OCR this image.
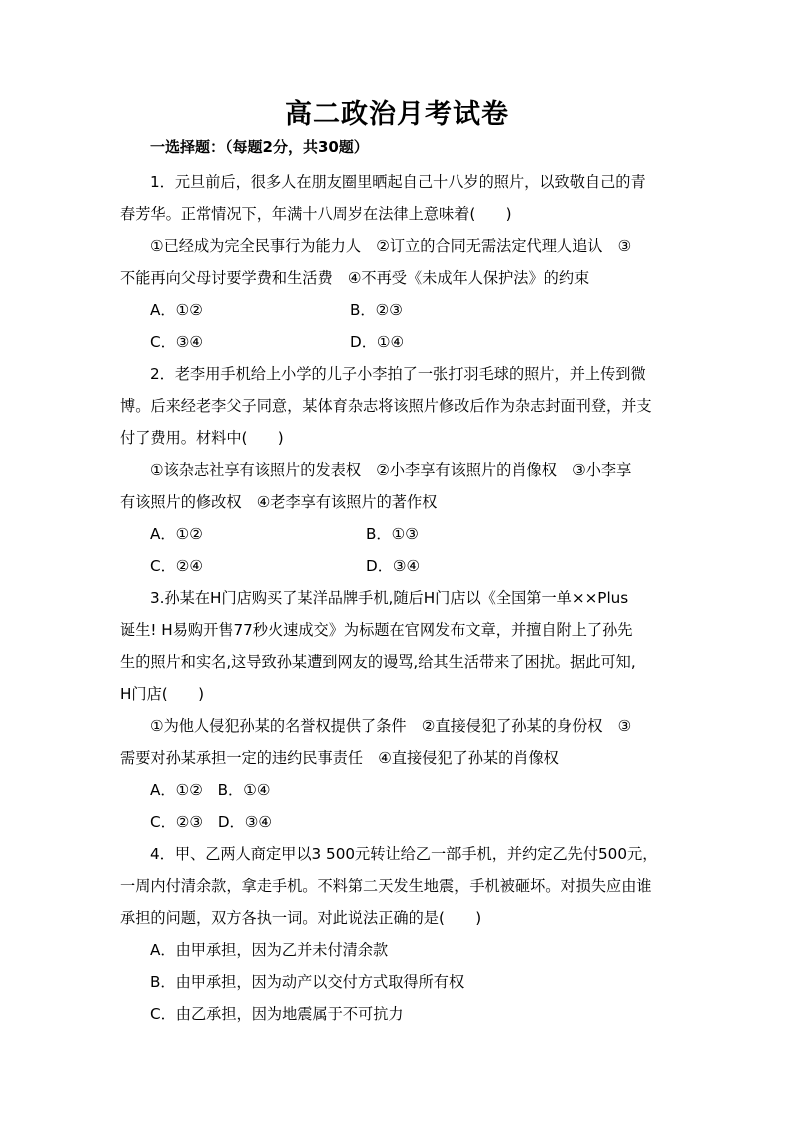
高二政治月考试卷
一选择题：（每题2分，共30题）

1．元旦前后，很多人在朋友圈里晒起自己十八岁的照片，以致敬自己的青

春芳华。正常情况下，年满十八周岁在法律上意味着(　　)

①已经成为完全民事行为能力人　②订立的合同无需法定代理人追认　③

不能再向父母讨要学费和生活费　④不再受《未成年人保护法》的约束
A．①②	B．②③
C．③④	D．①④

2．老李用手机给上小学的儿子小李拍了一张打羽毛球的照片，并上传到微

博。后来经老李父子同意，某体育杂志将该照片修改后作为杂志封面刊登，并支
付了费用。材料中(　　)

①该杂志社享有该照片的发表权　②小李享有该照片的肖像权　③小李享

有该照片的修改权　④老李享有该照片的著作权
A．①②	B．①③
C．②④	D．③④

3.孙某在H门店购买了某洋品牌手机,随后H门店以《全国第一单××Plus

诞生! H易购开售77秒火速成交》为标题在官网发布文章，并擅自附上了孙先
生的照片和实名,这导致孙某遭到网友的谩骂,给其生活带来了困扰。据此可知,
H门店(　　)

①为他人侵犯孙某的名誉权提供了条件　②直接侵犯了孙某的身份权　③

需要对孙某承担一定的违约民事责任　④直接侵犯了孙某的肖像权
A．①② B．①④
C．②③ D．③④

4．甲、乙两人商定甲以3 500元转让给乙一部手机，并约定乙先付500元，

一周内付清余款，拿走手机。不料第二天发生地震，手机被砸坏。对损失应由谁
承担的问题，双方各执一词。对此说法正确的是(　　)
A．由甲承担，因为乙并未付清余款
B．由甲承担，因为动产以交付方式取得所有权
C．由乙承担，因为地震属于不可抗力
